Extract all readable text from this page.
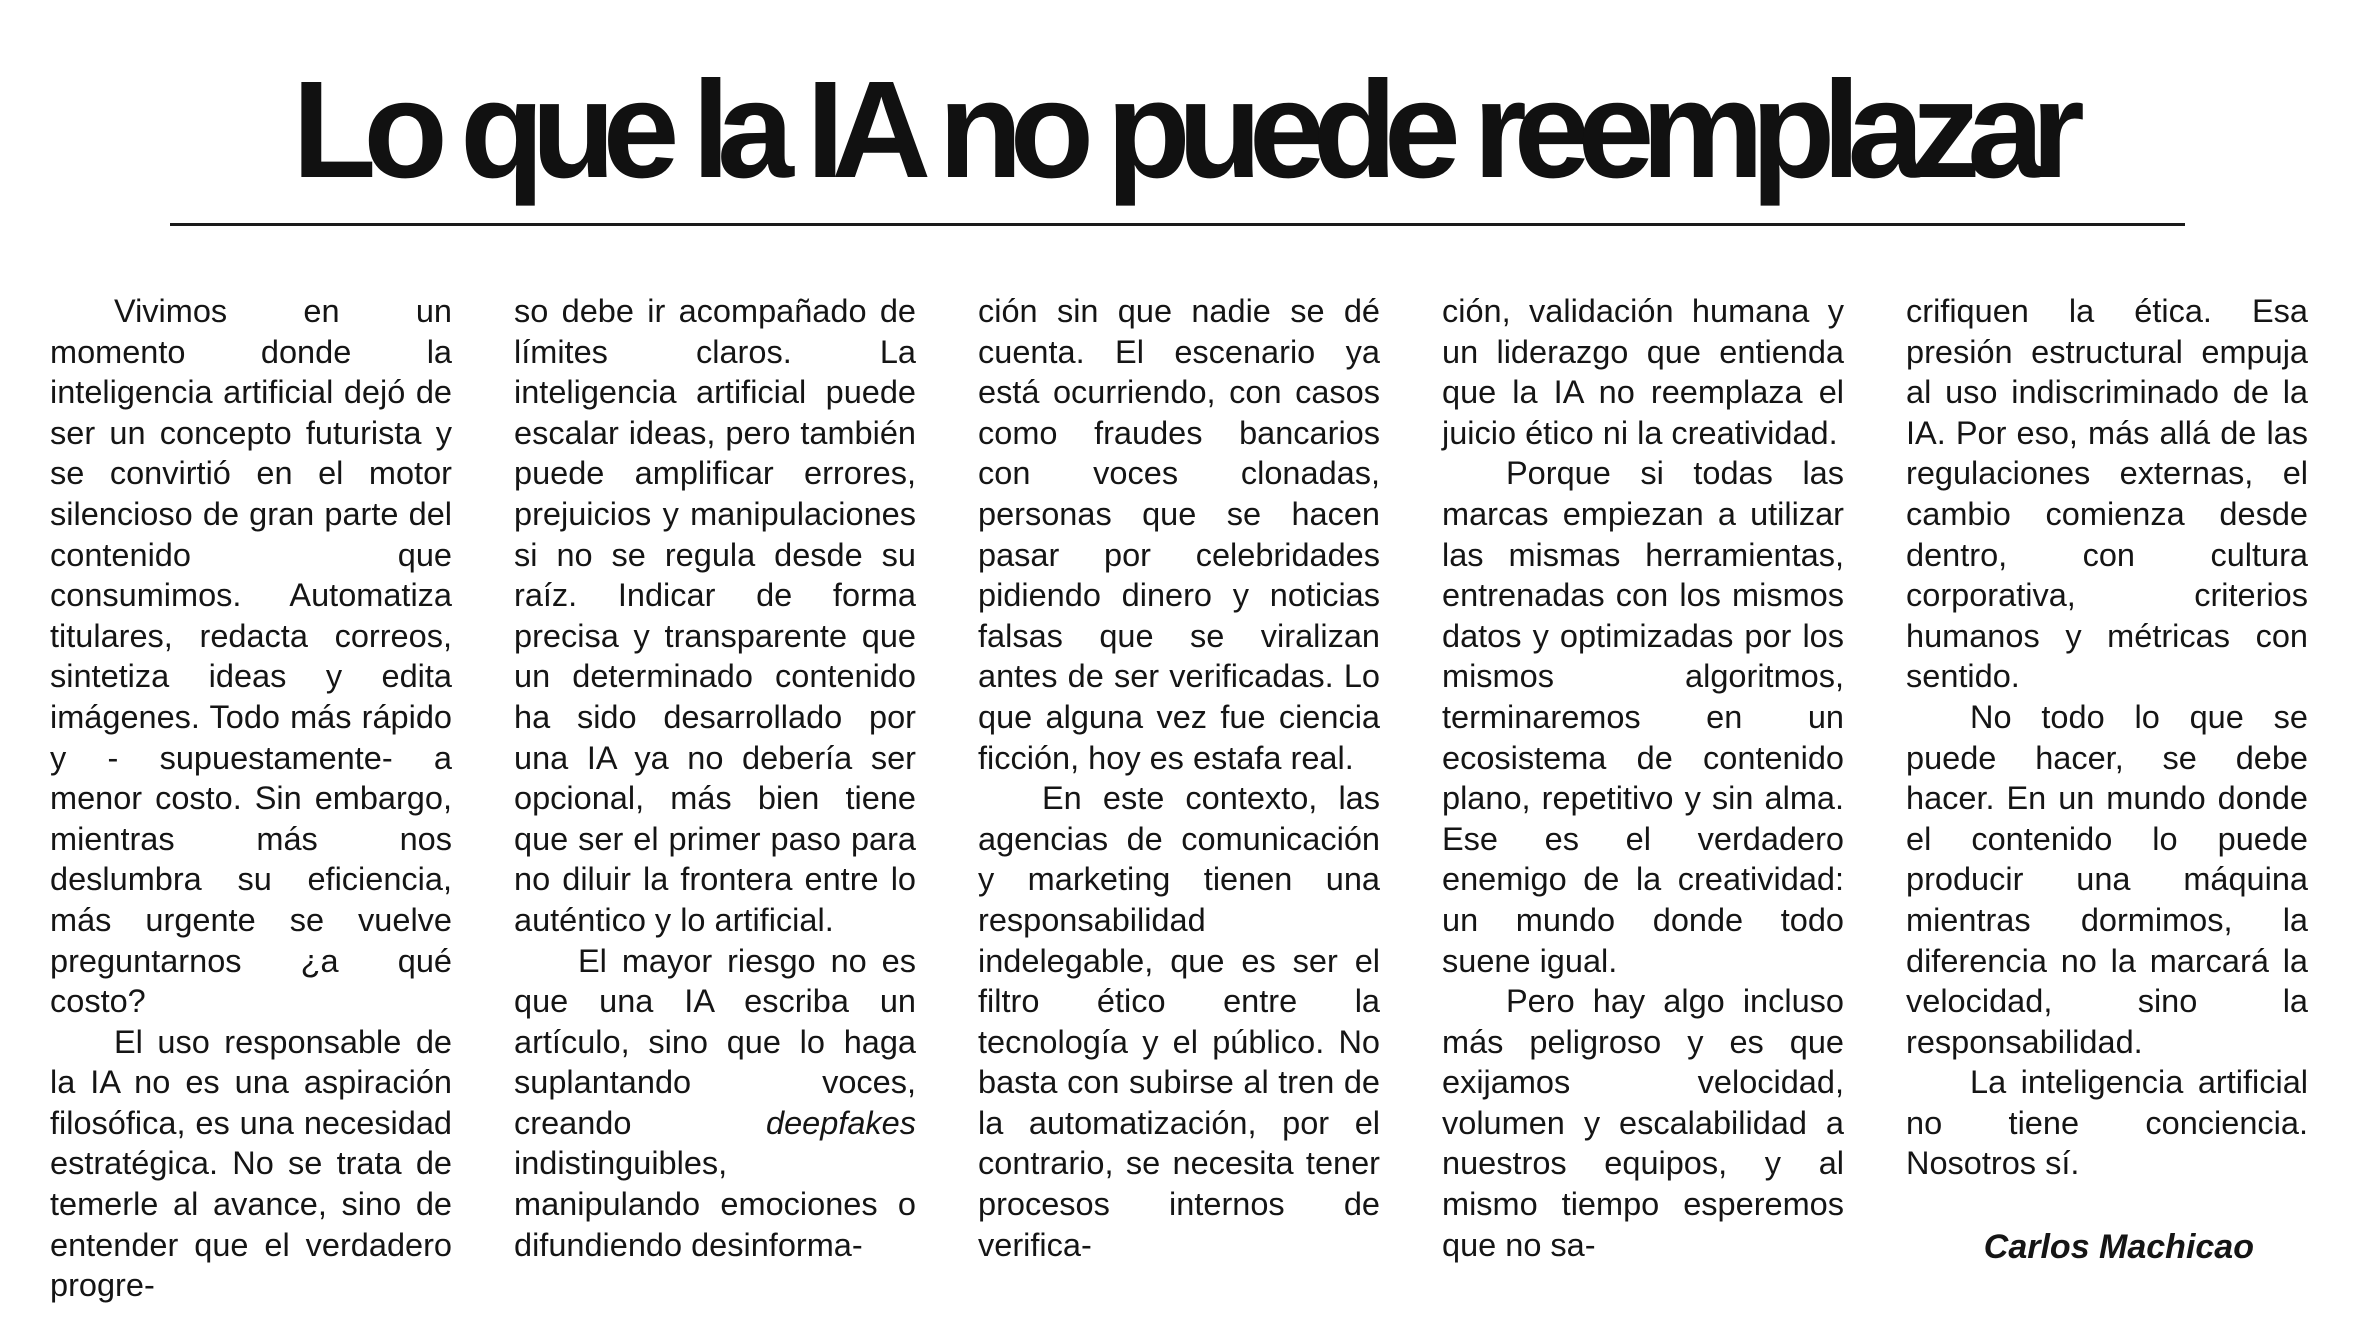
Lo que la IA no puede reemplazar

Vivimos en un momento donde la inteligencia artificial dejó de ser un concepto futurista y se convirtió en el motor silencioso de gran parte del contenido que consumimos. Automatiza titulares, redacta correos, sintetiza ideas y edita imágenes. Todo más rápido y - supuestamente- a menor costo. Sin embargo, mientras más nos deslumbra su eficiencia, más urgente se vuelve preguntarnos ¿a qué costo?

El uso responsable de la IA no es una aspiración filosófica, es una necesidad estratégica. No se trata de temerle al avance, sino de entender que el verdadero progre-

so debe ir acompañado de límites claros. La inteligencia artificial puede escalar ideas, pero también puede amplificar errores, prejuicios y manipulaciones si no se regula desde su raíz. Indicar de forma precisa y transparente que un determinado contenido ha sido desarrollado por una IA ya no debería ser opcional, más bien tiene que ser el primer paso para no diluir la frontera entre lo auténtico y lo artificial.

El mayor riesgo no es que una IA escriba un artículo, sino que lo haga suplantando voces, creando	deepfakes indistinguibles, manipulando emociones o difundiendo desinforma-

ción sin que nadie se dé cuenta. El escenario ya está ocurriendo, con casos como fraudes bancarios con voces clonadas, personas que se hacen pasar por celebridades pidiendo dinero y noticias falsas que se viralizan antes de ser verificadas. Lo que alguna vez fue ciencia ficción, hoy es estafa real.

En este contexto, las agencias de comunicación y marketing tienen una responsabilidad indelegable, que es ser el filtro ético entre la tecnología y el público. No basta con subirse al tren de la automatización, por el contrario, se necesita tener procesos internos de verifica-

ción, validación humana y un liderazgo que entienda que la IA no reemplaza el juicio ético ni la creatividad.

Porque si todas las marcas empiezan a utilizar las mismas herramientas, entrenadas con los mismos datos y optimizadas por los mismos algoritmos, terminaremos en un ecosistema de contenido plano, repetitivo y sin alma. Ese es el verdadero enemigo de la creatividad: un mundo donde todo suene igual.

Pero hay algo incluso más peligroso y es que exijamos velocidad, volumen y escalabilidad a nuestros equipos, y al mismo tiempo esperemos que no sa-

crifiquen la ética. Esa presión estructural empuja al uso indiscriminado de la IA. Por eso, más allá de las regulaciones externas, el cambio comienza desde dentro, con cultura corporativa, criterios humanos y métricas con sentido.

No todo lo que se puede hacer, se debe hacer. En un mundo donde el contenido lo puede producir una máquina mientras dormimos, la diferencia no la marcará la velocidad, sino la responsabilidad.

La inteligencia artificial no tiene conciencia. Nosotros sí.

Carlos Machicao
